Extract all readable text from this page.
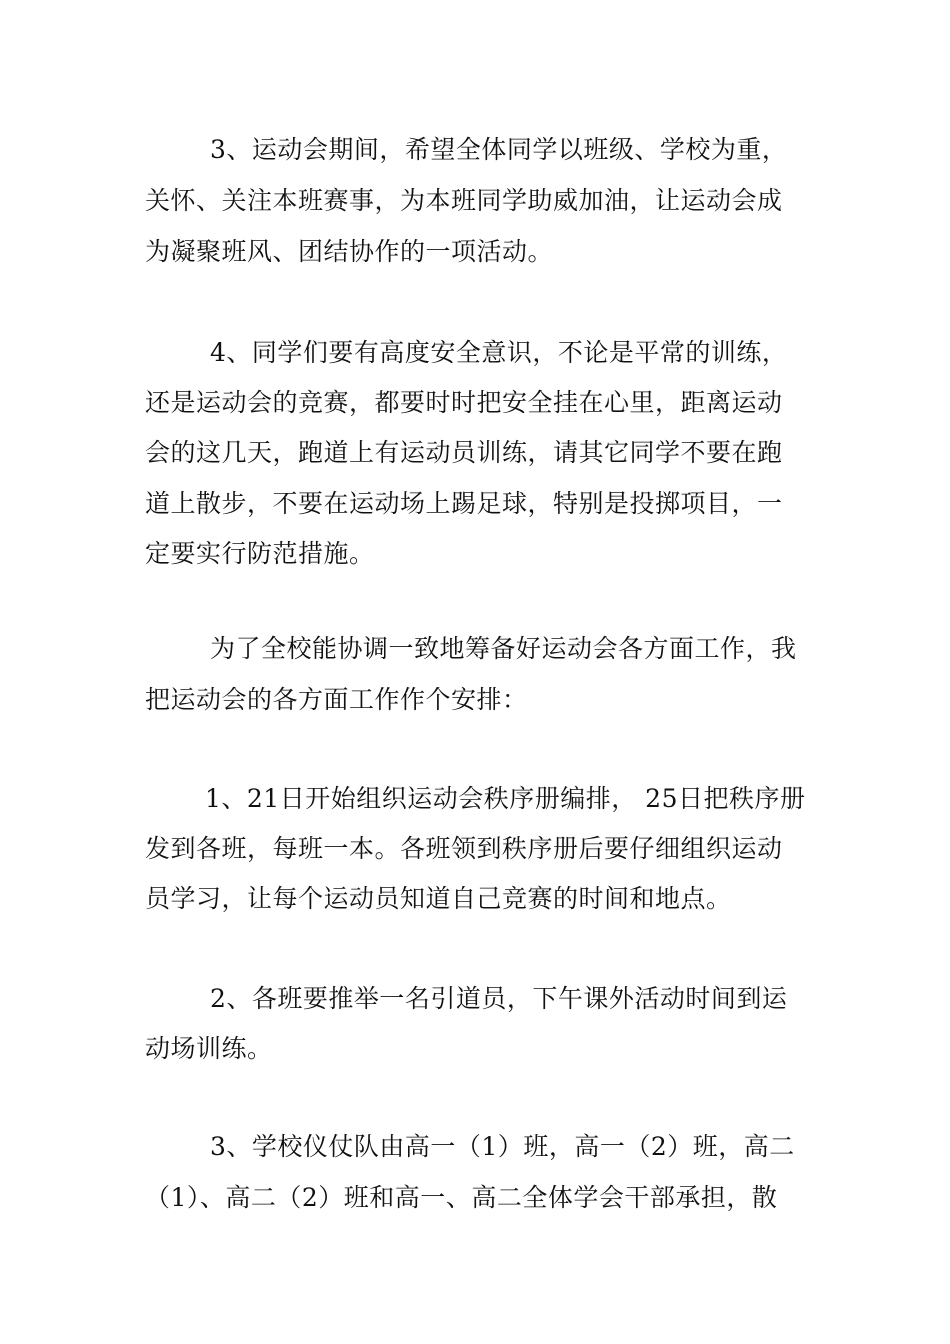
3、运动会期间，希望全体同学以班级、学校为重，
关怀、关注本班赛事，为本班同学助威加油，让运动会成
为凝聚班风、团结协作的一项活动。
4、同学们要有高度安全意识，不论是平常的训练，
还是运动会的竞赛，都要时时把安全挂在心里，距离运动
会的这几天，跑道上有运动员训练，请其它同学不要在跑
道上散步，不要在运动场上踢足球，特别是投掷项目，一
定要实行防范措施。
为了全校能协调一致地筹备好运动会各方面工作，我
把运动会的各方面工作作个安排：
1、21日开始组织运动会秩序册编排， 25日把秩序册
发到各班，每班一本。各班领到秩序册后要仔细组织运动
员学习，让每个运动员知道自己竞赛的时间和地点。
2、各班要推举一名引道员，下午课外活动时间到运
动场训练。
3、学校仪仗队由高一（1）班，高一（2）班，高二
（1）、高二（2）班和高一、高二全体学会干部承担，散
